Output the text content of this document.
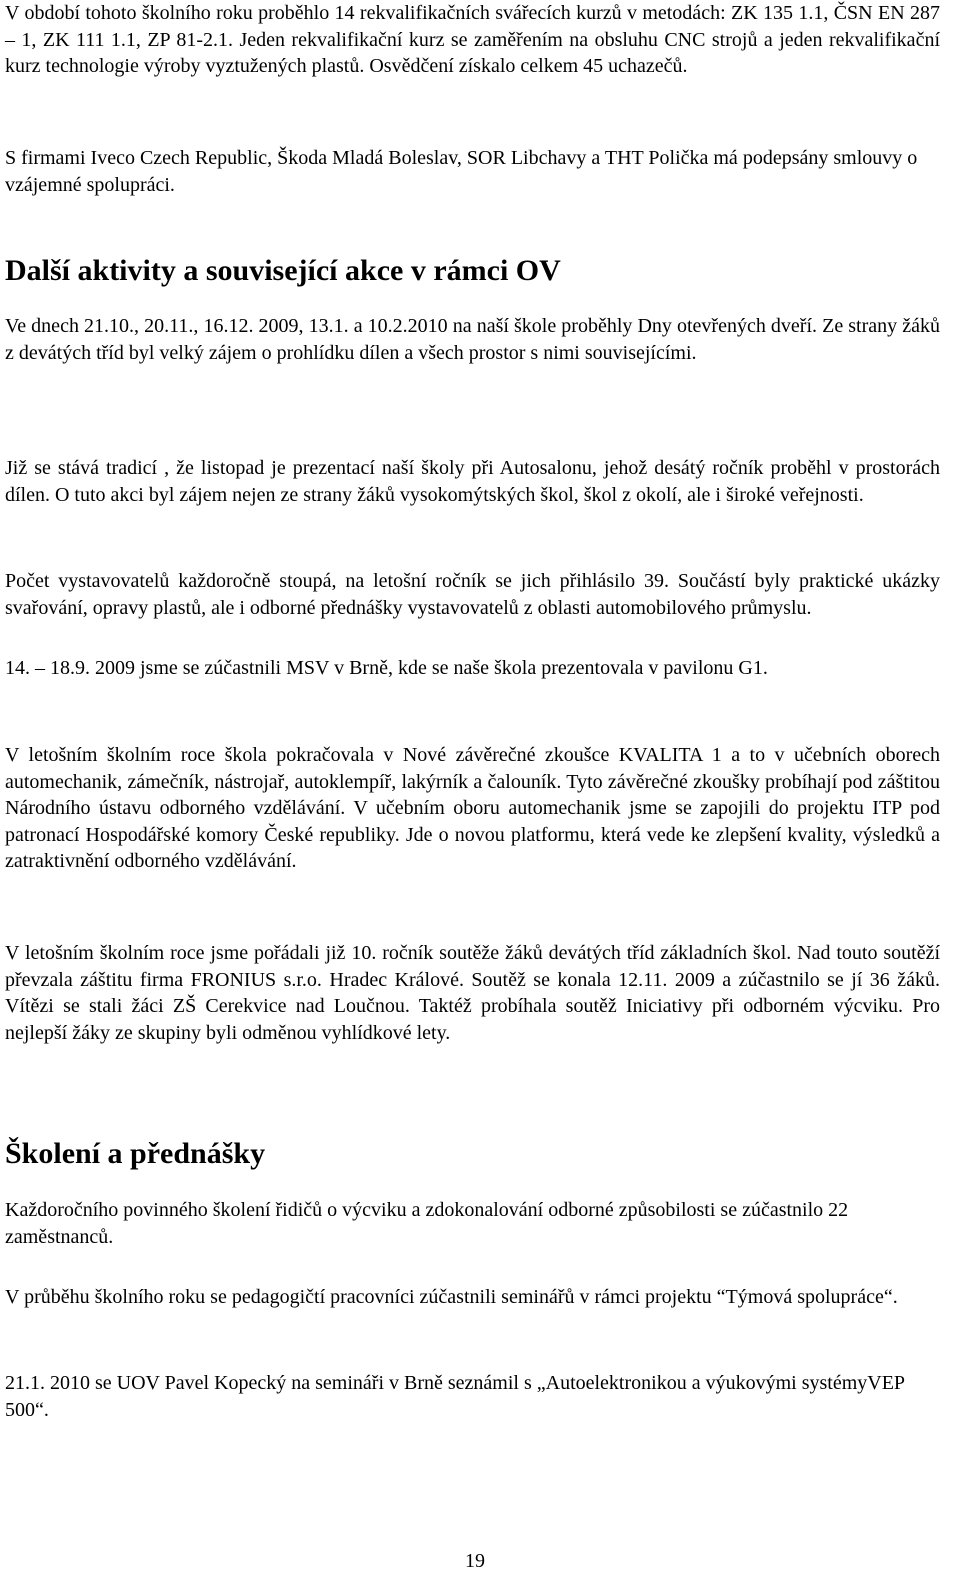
V období tohoto školního roku proběhlo 14 rekvalifikačních svářecích kurzů v metodách: ZK 135 1.1, ČSN EN 287 – 1, ZK 111 1.1, ZP 81-2.1. Jeden rekvalifikační kurz se zaměřením na obsluhu CNC strojů a jeden rekvalifikační kurz technologie výroby vyztužených plastů. Osvědčení získalo celkem 45 uchazečů.

S firmami Iveco Czech Republic, Škoda Mladá Boleslav, SOR Libchavy a THT Polička má podepsány smlouvy o vzájemné spolupráci.

Další aktivity a související akce v rámci OV

Ve dnech 21.10., 20.11., 16.12. 2009, 13.1. a 10.2.2010 na naší škole proběhly Dny otevřených dveří. Ze strany žáků z devátých tříd byl velký zájem o prohlídku dílen a všech prostor s nimi souvisejícími.

Již se stává tradicí , že listopad je prezentací naší školy při Autosalonu, jehož desátý ročník proběhl v prostorách dílen. O tuto akci byl zájem nejen ze strany žáků vysokomýtských škol, škol z okolí, ale i široké veřejnosti.

Počet vystavovatelů každoročně stoupá, na letošní ročník se jich přihlásilo 39. Součástí byly praktické ukázky svařování, opravy plastů, ale i odborné přednášky vystavovatelů z oblasti automobilového průmyslu.

14. – 18.9. 2009 jsme se zúčastnili MSV v Brně, kde se naše škola prezentovala v pavilonu G1.

V letošním školním roce škola pokračovala v Nové závěrečné zkoušce KVALITA 1 a to v učebních oborech automechanik, zámečník, nástrojař, autoklempíř, lakýrník a čalouník. Tyto závěrečné zkoušky probíhají pod záštitou Národního ústavu odborného vzdělávání. V učebním oboru automechanik jsme se zapojili do projektu ITP pod patronací Hospodářské komory České republiky. Jde o novou platformu, která vede ke zlepšení kvality, výsledků a zatraktivnění odborného vzdělávání.

V letošním školním roce jsme pořádali již 10. ročník soutěže žáků devátých tříd základních škol. Nad touto soutěží převzala záštitu firma FRONIUS s.r.o. Hradec Králové. Soutěž se konala 12.11. 2009 a zúčastnilo se jí 36 žáků. Vítězi se stali žáci ZŠ Cerekvice nad Loučnou. Taktéž probíhala soutěž Iniciativy při odborném výcviku. Pro nejlepší žáky ze skupiny byli odměnou vyhlídkové lety.

Školení a přednášky

Každoročního povinného školení řidičů o výcviku a zdokonalování odborné způsobilosti se zúčastnilo 22 zaměstnanců.

V průběhu školního roku se pedagogičtí pracovníci zúčastnili seminářů v rámci projektu “Týmová spolupráce“.

21.1. 2010 se UOV Pavel Kopecký na semináři v Brně seznámil s „Autoelektronikou a výukovými systémyVEP 500“.

19
